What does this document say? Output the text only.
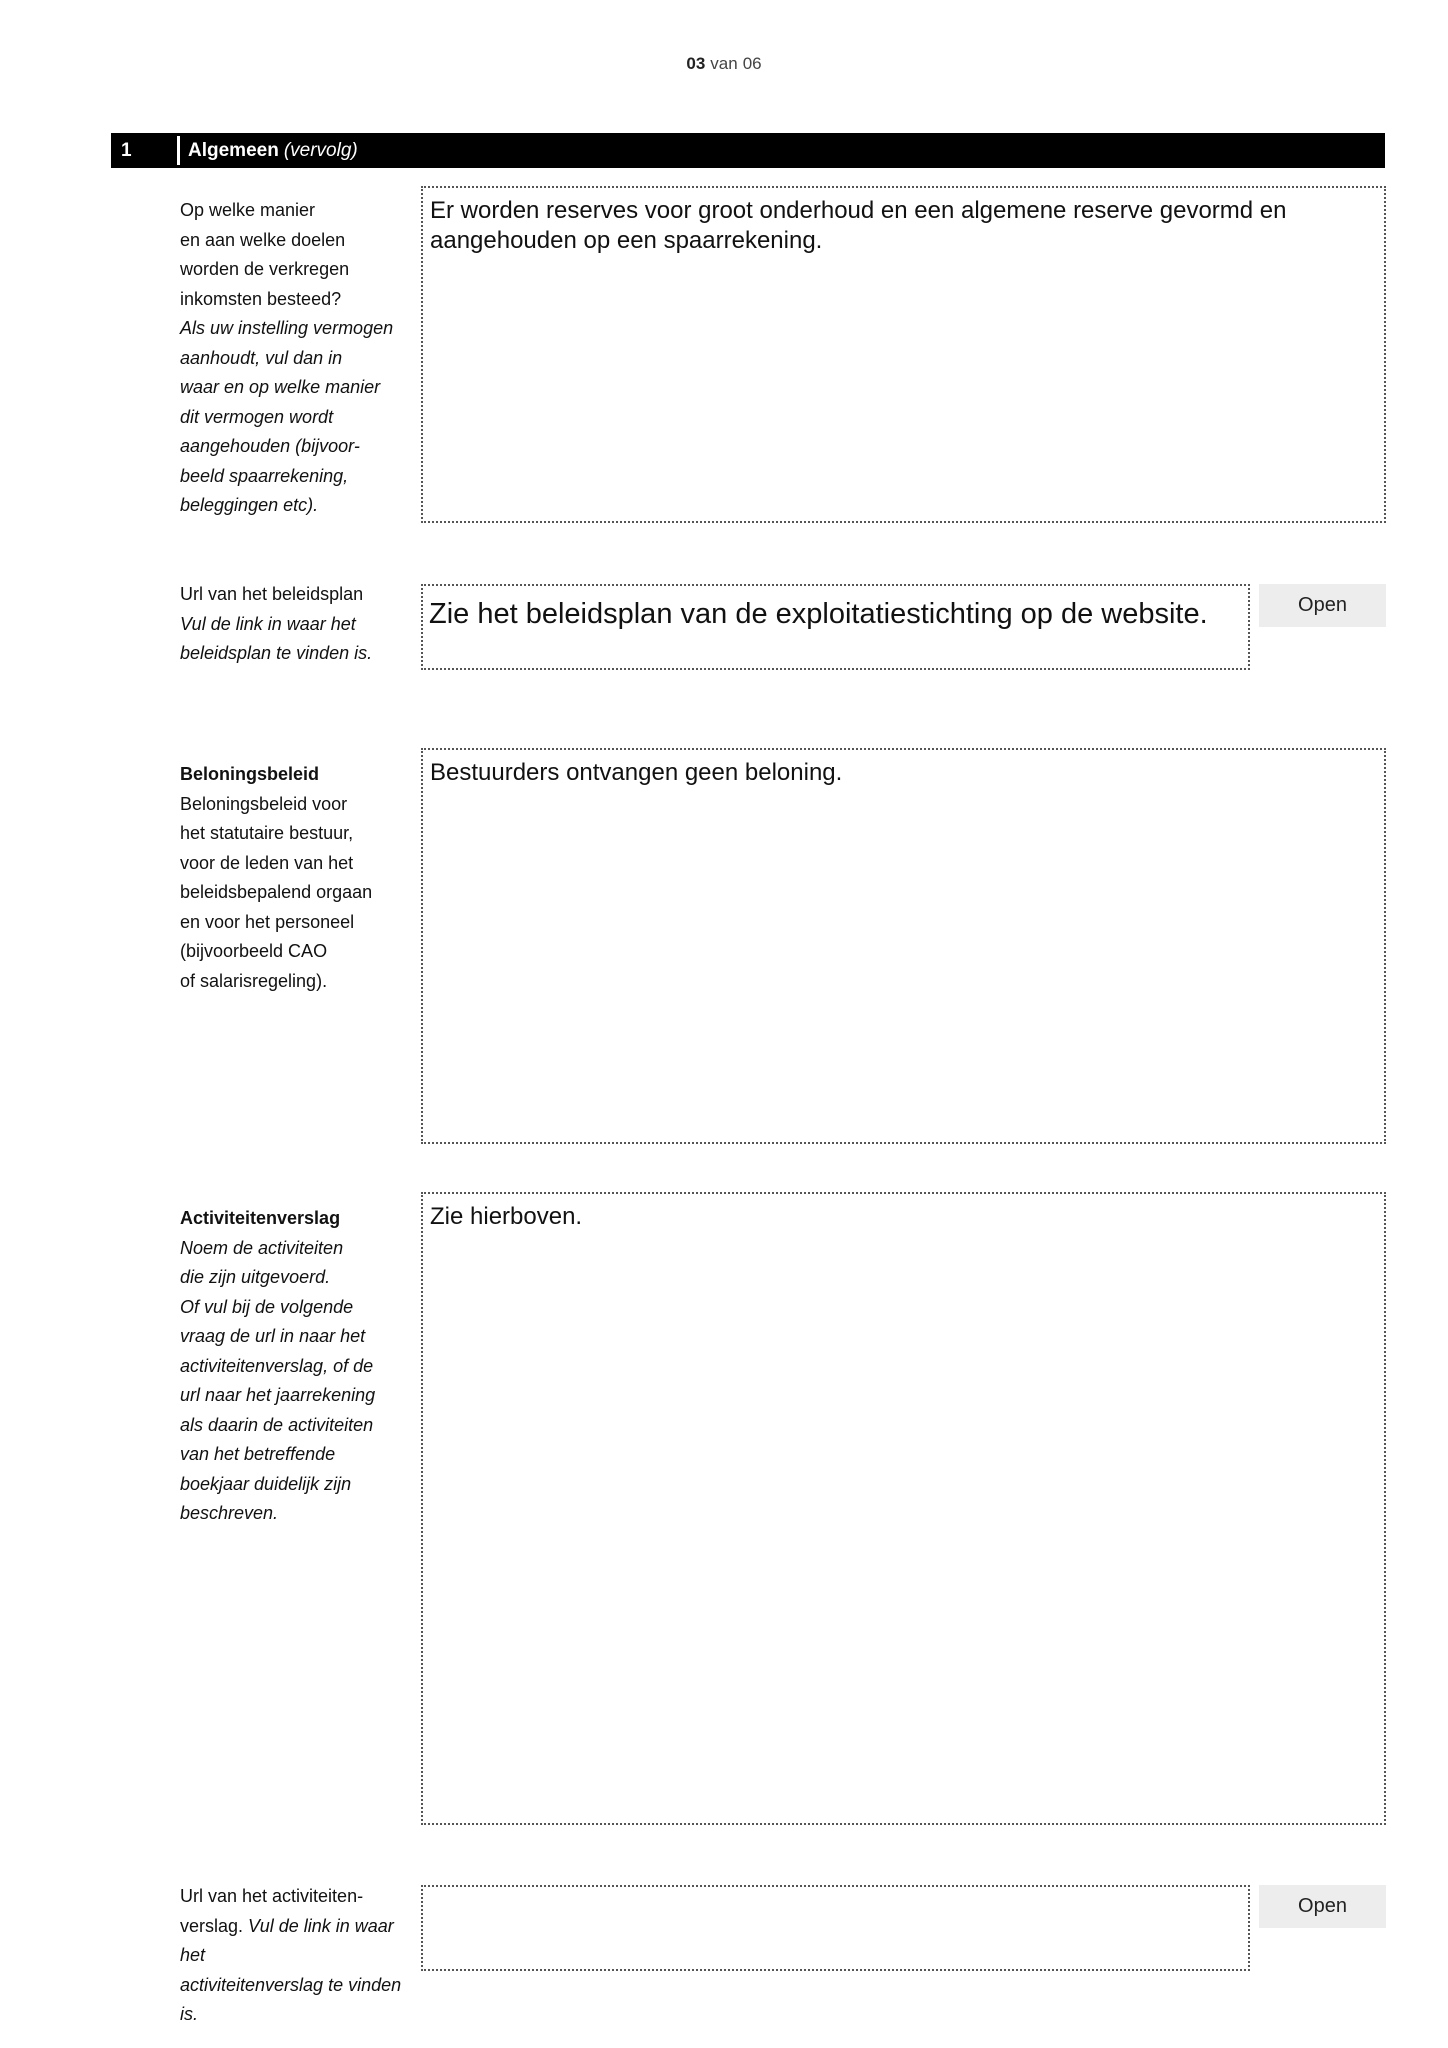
03 van 06
1	Algemeen (vervolg)
Op welke manier
en aan welke doelen
worden de verkregen
inkomsten besteed?
Als uw instelling vermogen
aanhoudt, vul dan in
waar en op welke manier
dit vermogen wordt
aangehouden (bijvoor-
beeld spaarrekening,
beleggingen etc).
Er worden reserves voor groot onderhoud en een algemene reserve gevormd en aangehouden op een spaarrekening.
Url van het beleidsplan
Vul de link in waar het
beleidsplan te vinden is.
Zie het beleidsplan van de exploitatiestichting op de website.	Open
Beloningsbeleid
Beloningsbeleid voor
het statutaire bestuur,
voor de leden van het
beleidsbepalend orgaan
en voor het personeel
(bijvoorbeeld CAO
of salarisregeling).
Bestuurders ontvangen geen beloning.
Activiteitenverslag
Noem de activiteiten
die zijn uitgevoerd.
Of vul bij de volgende
vraag de url in naar het
activiteitenverslag, of de
url naar het jaarrekening
als daarin de activiteiten
van het betreffende
boekjaar duidelijk zijn
beschreven.
Zie hierboven.
Url van het activiteiten-
verslag. Vul de link in waar het
activiteitenverslag te vinden is.
Open
